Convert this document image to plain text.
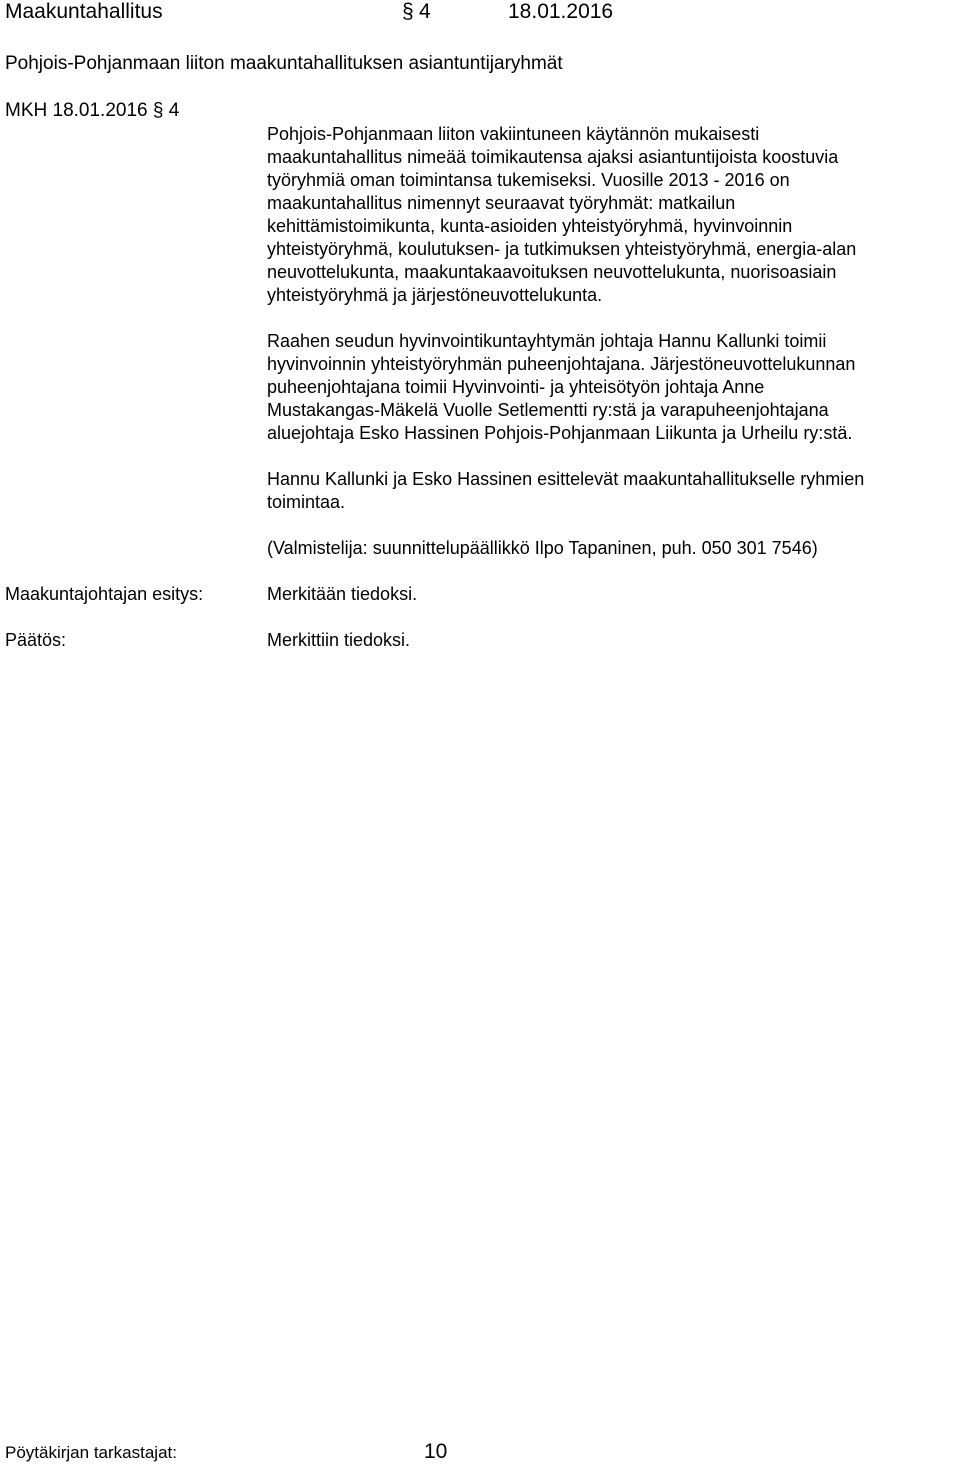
Maakuntahallitus	§ 4	18.01.2016
Pohjois-Pohjanmaan liiton maakuntahallituksen asiantuntijaryhmät
MKH 18.01.2016 § 4
Pohjois-Pohjanmaan liiton vakiintuneen käytännön mukaisesti
maakuntahallitus nimeää toimikautensa ajaksi asiantuntijoista koostuvia
työryhmiä oman toimintansa tukemiseksi. Vuosille 2013 - 2016 on
maakuntahallitus nimennyt seuraavat työryhmät: matkailun
kehittämistoimikunta, kunta-asioiden yhteistyöryhmä, hyvinvoinnin
yhteistyöryhmä, koulutuksen- ja tutkimuksen yhteistyöryhmä, energia-alan
neuvottelukunta, maakuntakaavoituksen neuvottelukunta, nuorisoasiain
yhteistyöryhmä ja järjestöneuvottelukunta.
Raahen seudun hyvinvointikuntayhtymän johtaja Hannu Kallunki toimii
hyvinvoinnin yhteistyöryhmän puheenjohtajana. Järjestöneuvottelukunnan
puheenjohtajana toimii Hyvinvointi- ja yhteisötyön johtaja Anne
Mustakangas-Mäkelä Vuolle Setlementti ry:stä ja varapuheenjohtajana
aluejohtaja Esko Hassinen Pohjois-Pohjanmaan Liikunta ja Urheilu ry:stä.
Hannu Kallunki ja Esko Hassinen esittelevät maakuntahallitukselle ryhmien
toimintaa.
(Valmistelija: suunnittelupäällikkö Ilpo Tapaninen, puh. 050 301 7546)
Maakuntajohtajan esitys:	Merkitään tiedoksi.
Päätös:	Merkittiin tiedoksi.
Pöytäkirjan tarkastajat:	10
